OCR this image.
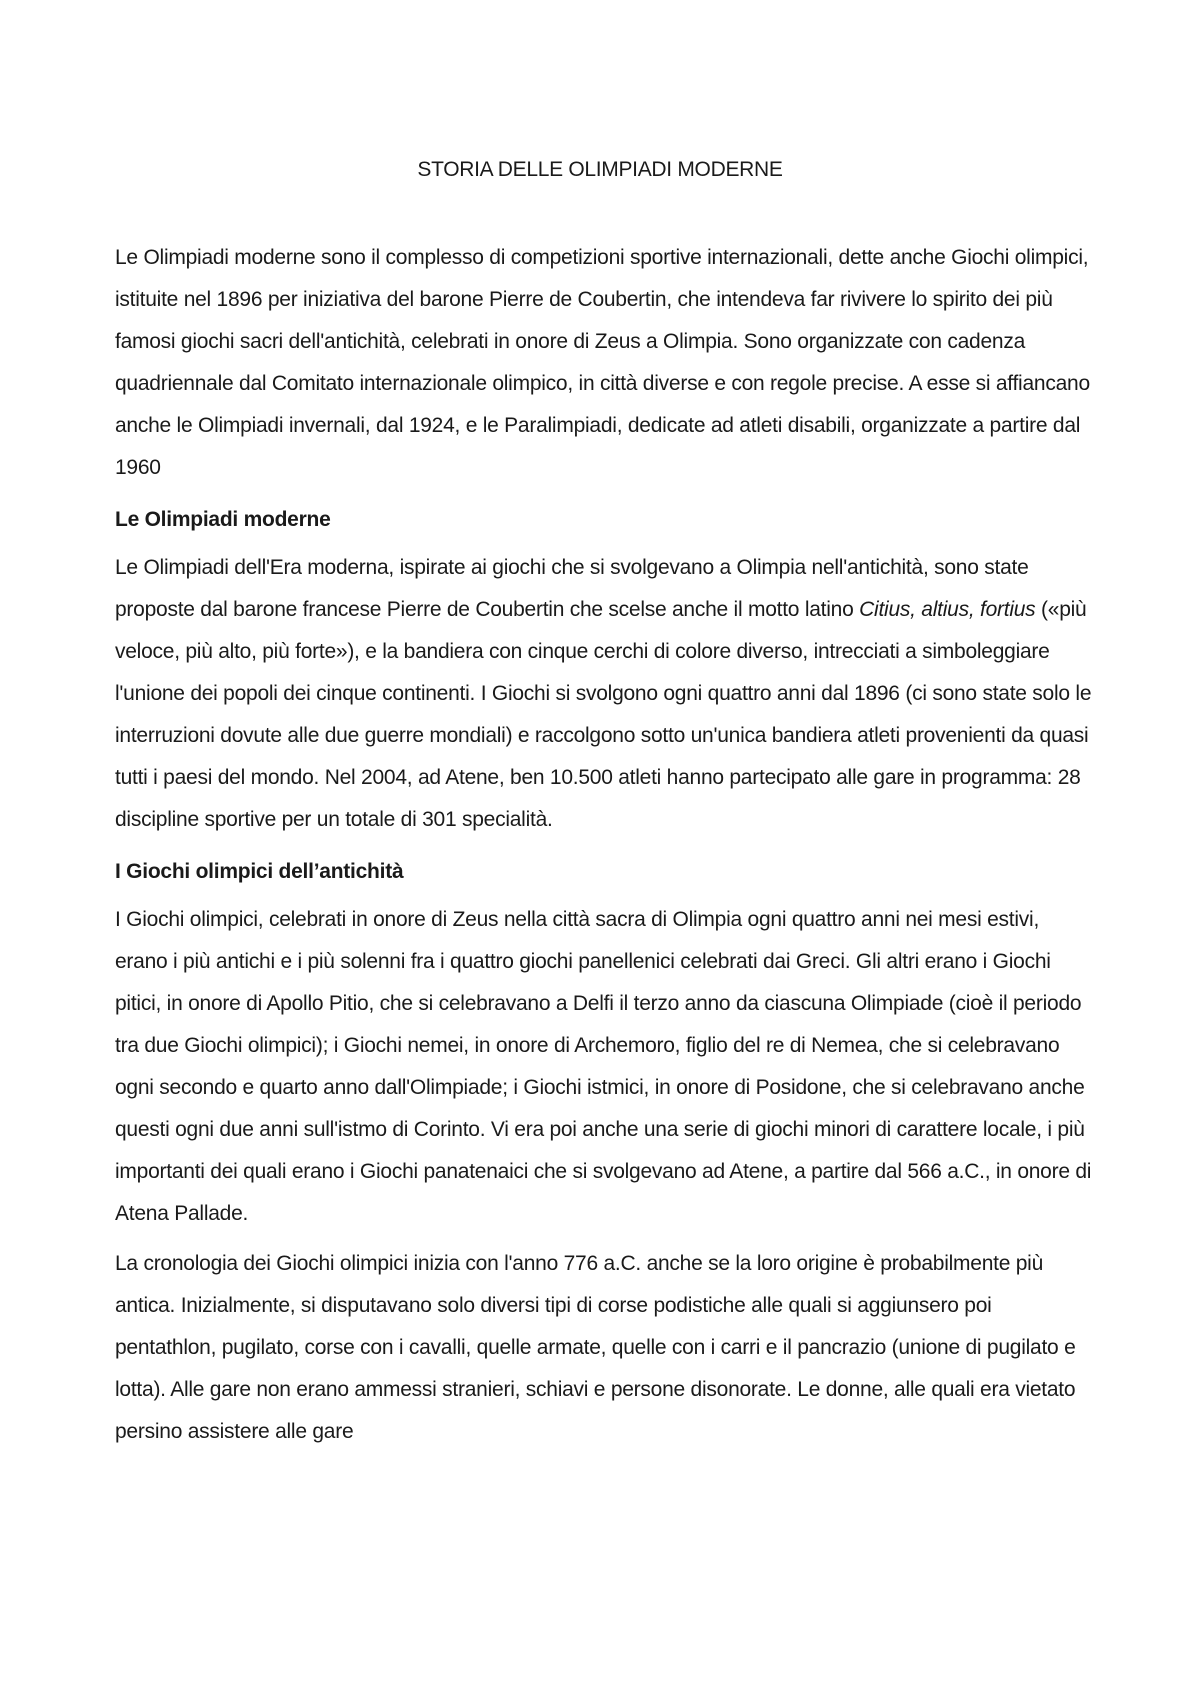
STORIA DELLE OLIMPIADI MODERNE

Le Olimpiadi moderne sono il complesso di competizioni sportive internazionali, dette anche Giochi olimpici, istituite nel 1896 per iniziativa del barone Pierre de Coubertin, che intendeva far rivivere lo spirito dei più famosi giochi sacri dell'antichità, celebrati in onore di Zeus a Olimpia. Sono organizzate con cadenza quadriennale dal Comitato internazionale olimpico, in città diverse e con regole precise. A esse si affiancano anche le Olimpiadi invernali, dal 1924, e le Paralimpiadi, dedicate ad atleti disabili, organizzate a partire dal 1960

Le Olimpiadi moderne

Le Olimpiadi dell'Era moderna, ispirate ai giochi che si svolgevano a Olimpia nell'antichità, sono state proposte dal barone francese Pierre de Coubertin che scelse anche il motto latino Citius, altius, fortius («più veloce, più alto, più forte»), e la bandiera con cinque cerchi di colore diverso, intrecciati a simboleggiare l'unione dei popoli dei cinque continenti. I Giochi si svolgono ogni quattro anni dal 1896 (ci sono state solo le interruzioni dovute alle due guerre mondiali) e raccolgono sotto un'unica bandiera atleti provenienti da quasi tutti i paesi del mondo. Nel 2004, ad Atene, ben 10.500 atleti hanno partecipato alle gare in programma: 28 discipline sportive per un totale di 301 specialità.

I Giochi olimpici dell’antichità

I Giochi olimpici, celebrati in onore di Zeus nella città sacra di Olimpia ogni quattro anni nei mesi estivi, erano i più antichi e i più solenni fra i quattro giochi panellenici celebrati dai Greci. Gli altri erano i Giochi pitici, in onore di Apollo Pitio, che si celebravano a Delfi il terzo anno da ciascuna Olimpiade (cioè il periodo tra due Giochi olimpici); i Giochi nemei, in onore di Archemoro, figlio del re di Nemea, che si celebravano ogni secondo e quarto anno dall'Olimpiade; i Giochi istmici, in onore di Posidone, che si celebravano anche questi ogni due anni sull'istmo di Corinto. Vi era poi anche una serie di giochi minori di carattere locale, i più importanti dei quali erano i Giochi panatenaici che si svolgevano ad Atene, a partire dal 566 a.C., in onore di Atena Pallade.

La cronologia dei Giochi olimpici inizia con l'anno 776 a.C. anche se la loro origine è probabilmente più antica. Inizialmente, si disputavano solo diversi tipi di corse podistiche alle quali si aggiunsero poi pentathlon, pugilato, corse con i cavalli, quelle armate, quelle con i carri e il pancrazio (unione di pugilato e lotta). Alle gare non erano ammessi stranieri, schiavi e persone disonorate. Le donne, alle quali era vietato persino assistere alle gare
